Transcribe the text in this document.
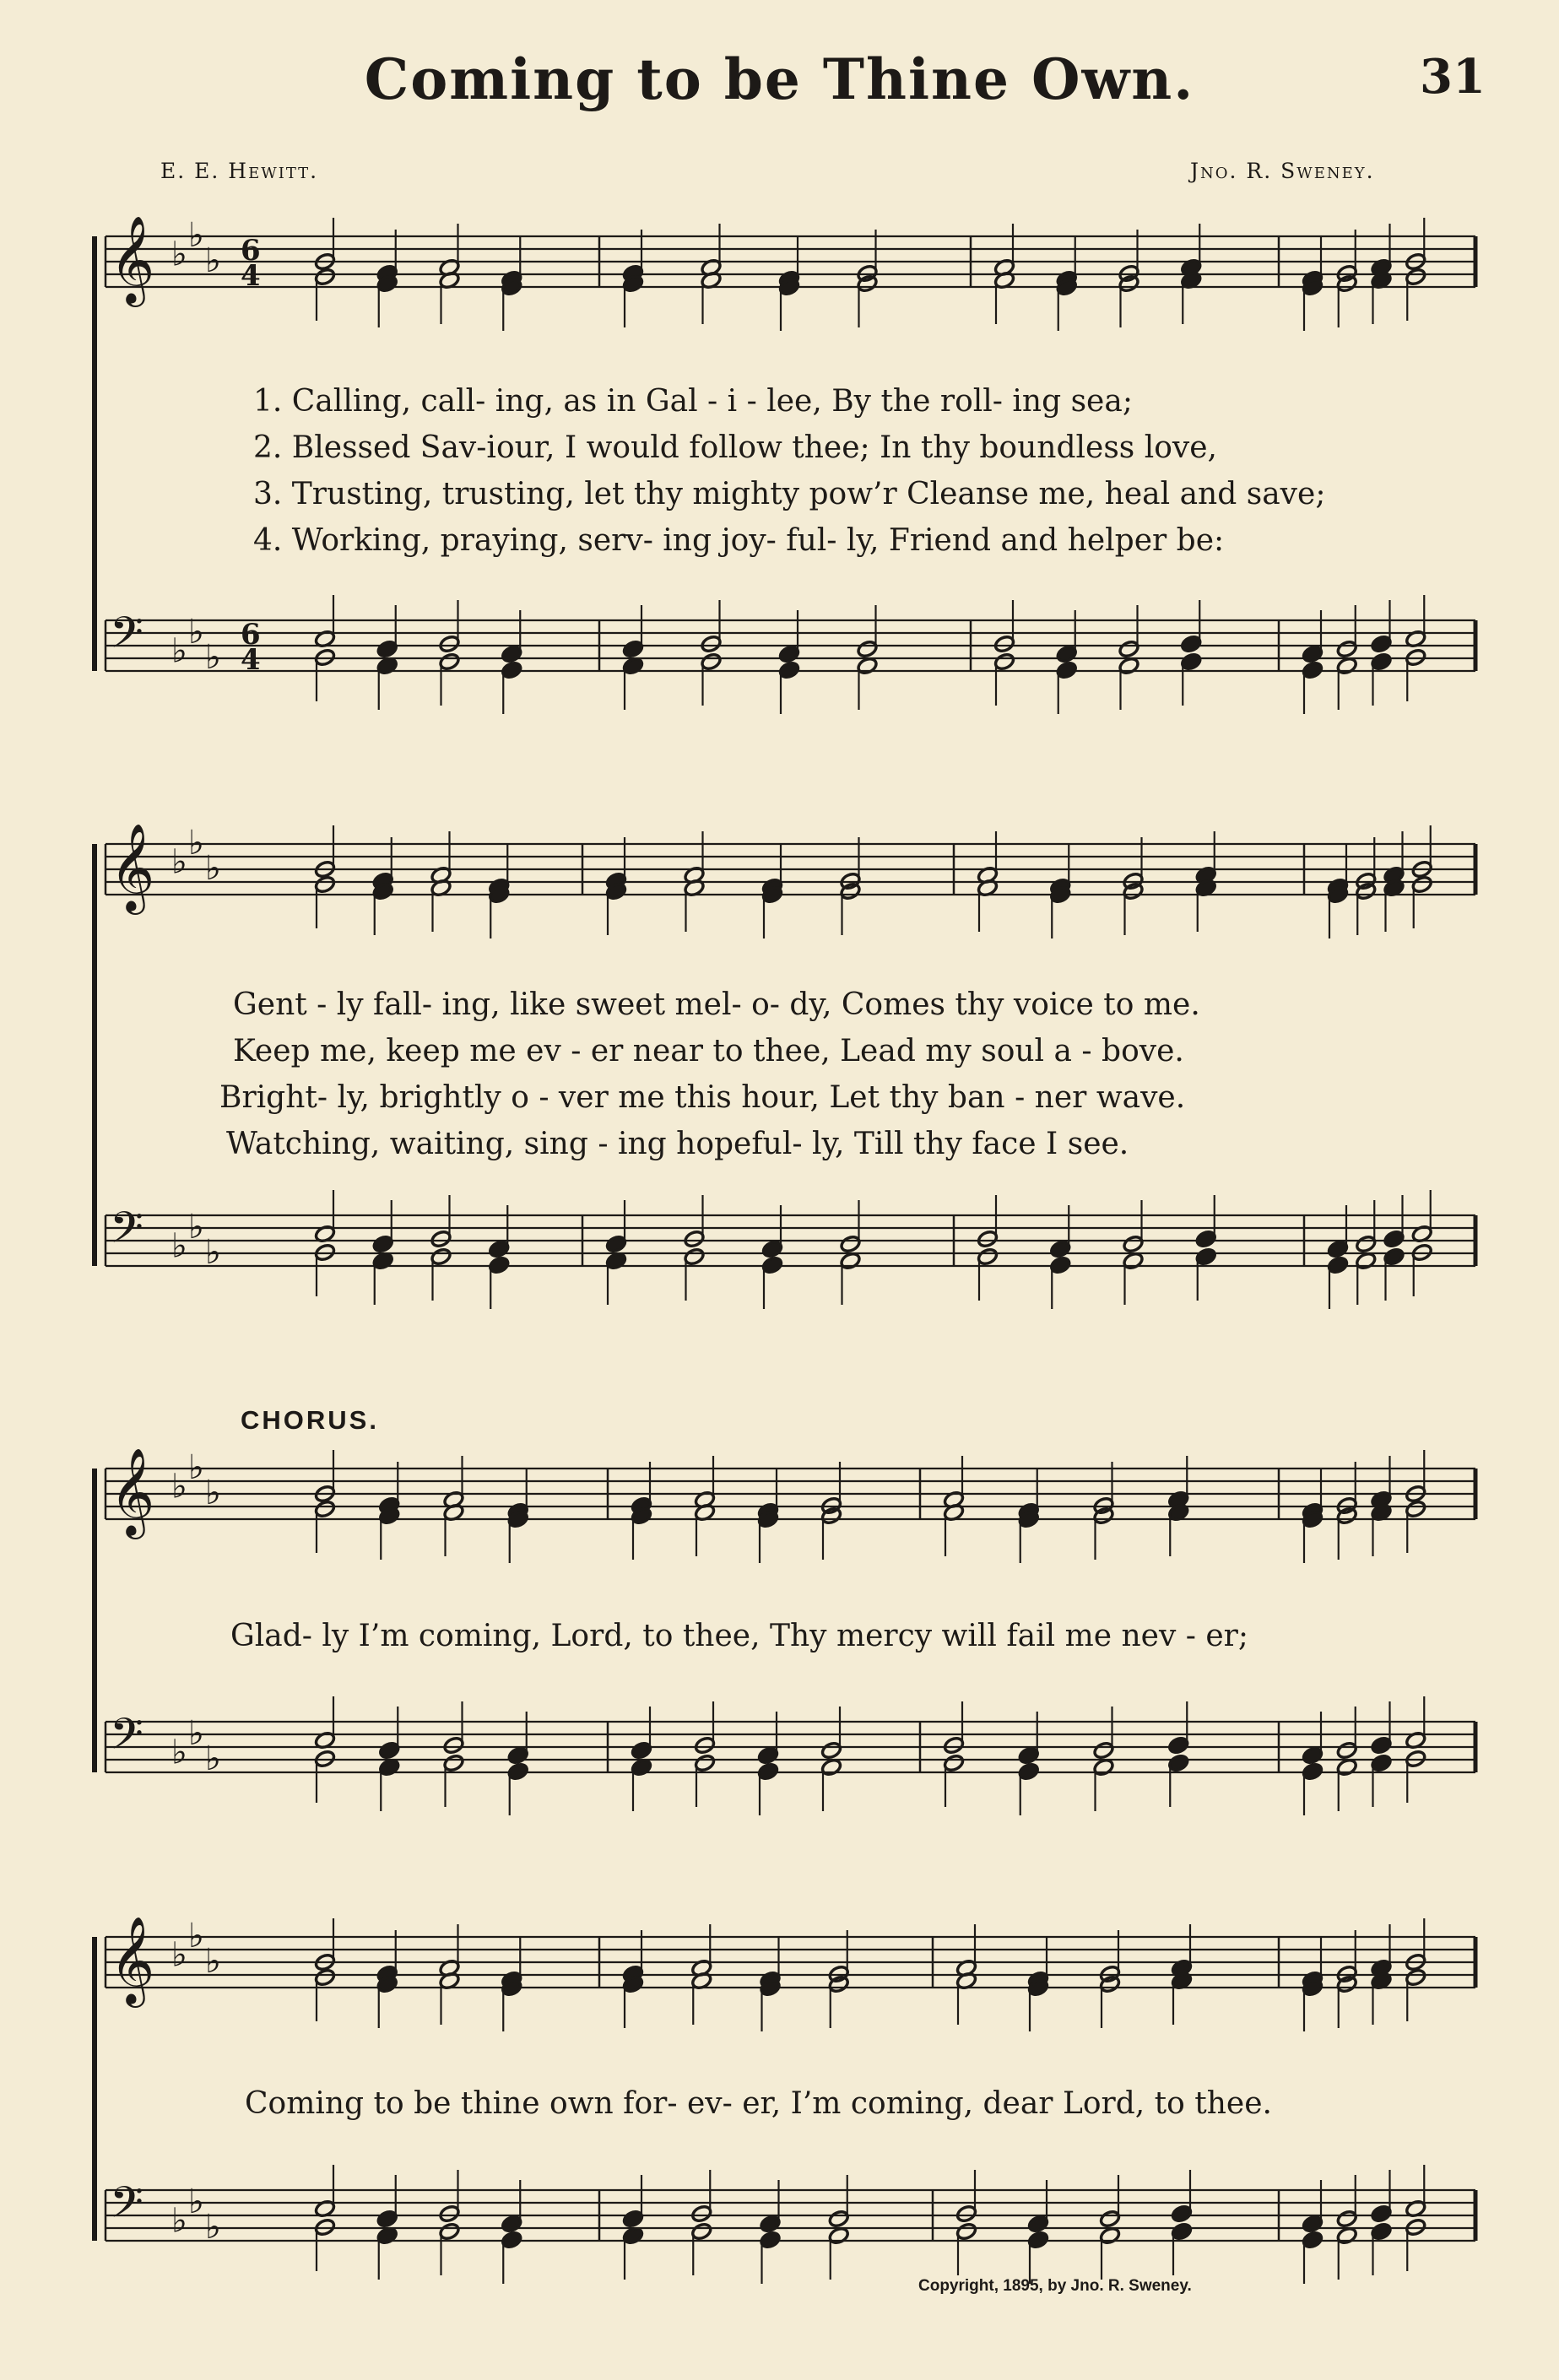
Coming to be Thine Own.	31
E. E. Hewitt.	Jno. R. Sweney.
𝄞 ♭ ♭
♭ 6
4
𝄢 ♭ ♭
♭
6
4
𝄞 ♭ ♭
♭
𝄢 ♭ ♭
♭
𝄞 ♭ ♭
♭
𝄢 ♭ ♭
♭
𝄞 ♭ ♭
♭
𝄢 ♭ ♭
♭
1. Calling, call- ing, as in Gal - i - lee, By the roll- ing sea;
2. Blessed Sav-iour, I would follow thee; In thy boundless love,
3. Trusting, trusting, let thy mighty pow’r Cleanse me, heal and save;
4. Working, praying, serv- ing joy- ful- ly, Friend and helper be:
Gent - ly fall- ing, like sweet mel- o- dy, Comes thy voice to me.
Keep me, keep me ev - er near to thee, Lead my soul a - bove.
Bright- ly, brightly o - ver me this hour, Let thy ban - ner wave.
Watching, waiting, sing - ing hopeful- ly, Till thy face I see.
CHORUS.
Glad- ly I’m coming, Lord, to thee, Thy mercy will fail me nev - er;
Coming to be thine own for- ev- er, I’m coming, dear Lord, to thee.
Copyright, 1895, by Jno. R. Sweney.
